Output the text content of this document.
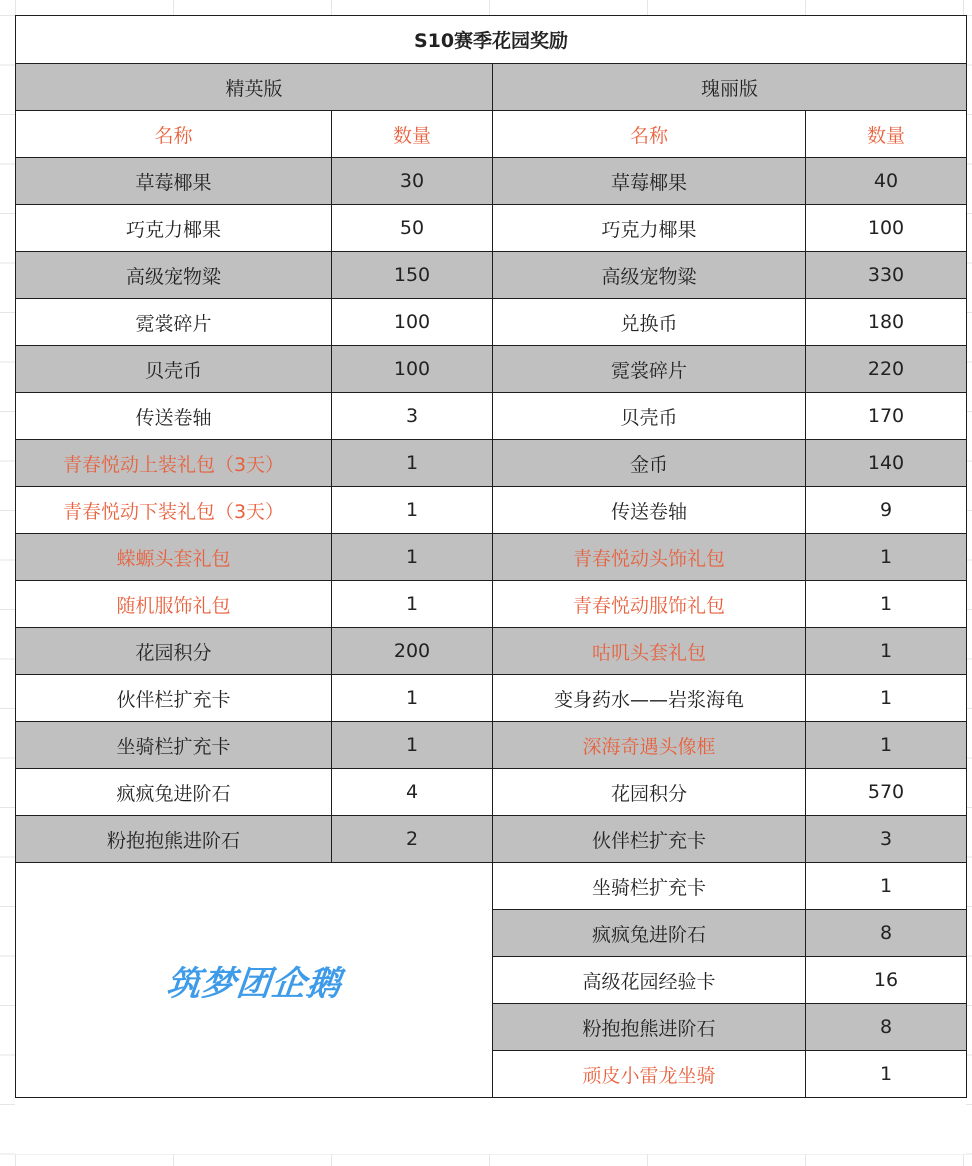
S10赛季花园奖励			
精英版		瑰丽版	
名称	数量	名称	数量
草莓椰果	30	草莓椰果	40
巧克力椰果	50	巧克力椰果	100
高级宠物粱	150	高级宠物粱	330
霓裳碎片	100	兑换币	180
贝壳币	100	霓裳碎片	220
传送卷轴	3	贝壳币	170
青春悦动上装礼包（3天）	1	金币	140
青春悦动下装礼包（3天）	1	传送卷轴	9
蝾螈头套礼包	1	青春悦动头饰礼包	1
随机服饰礼包	1	青春悦动服饰礼包	1
花园积分	200	咕叽头套礼包	1
伙伴栏扩充卡	1	变身药水——岩浆海龟	1
坐骑栏扩充卡	1	深海奇遇头像框	1
疯疯兔进阶石	4	花园积分	570
粉抱抱熊进阶石	2	伙伴栏扩充卡	3
筑梦团企鹅		坐骑栏扩充卡	1
		疯疯兔进阶石	8
		高级花园经验卡	16
		粉抱抱熊进阶石	8
		顽皮小雷龙坐骑	1
